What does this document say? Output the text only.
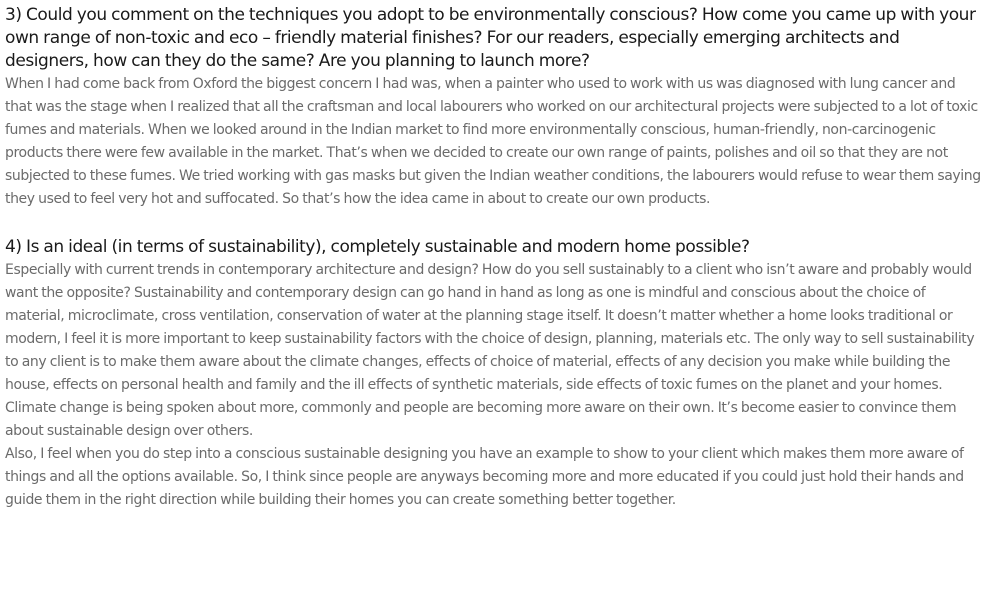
3) Could you comment on the techniques you adopt to be environmentally conscious? How come you came up with your own range of non-toxic and eco – friendly material finishes? For our readers, especially emerging architects and designers, how can they do the same? Are you planning to launch more?

When I had come back from Oxford the biggest concern I had was, when a painter who used to work with us was diagnosed with lung cancer and that was the stage when I realized that all the craftsman and local labourers who worked on our architectural projects were subjected to a lot of toxic fumes and materials. When we looked around in the Indian market to find more environmentally conscious, human-friendly, non-carcinogenic products there were few available in the market. That’s when we decided to create our own range of paints, polishes and oil so that they are not subjected to these fumes. We tried working with gas masks but given the Indian weather conditions, the labourers would refuse to wear them saying they used to feel very hot and suffocated. So that’s how the idea came in about to create our own products.

4) Is an ideal (in terms of sustainability), completely sustainable and modern home possible?

Especially with current trends in contemporary architecture and design? How do you sell sustainably to a client who isn’t aware and probably would want the opposite? Sustainability and contemporary design can go hand in hand as long as one is mindful and conscious about the choice of material, microclimate, cross ventilation, conservation of water at the planning stage itself. It doesn’t matter whether a home looks traditional or modern, I feel it is more important to keep sustainability factors with the choice of design, planning, materials etc. The only way to sell sustainability to any client is to make them aware about the climate changes, effects of choice of material, effects of any decision you make while building the house, effects on personal health and family and the ill effects of synthetic materials, side effects of toxic fumes on the planet and your homes. Climate change is being spoken about more, commonly and people are becoming more aware on their own. It’s become easier to convince them about sustainable design over others.

Also, I feel when you do step into a conscious sustainable designing you have an example to show to your client which makes them more aware of things and all the options available. So, I think since people are anyways becoming more and more educated if you could just hold their hands and guide them in the right direction while building their homes you can create something better together.
